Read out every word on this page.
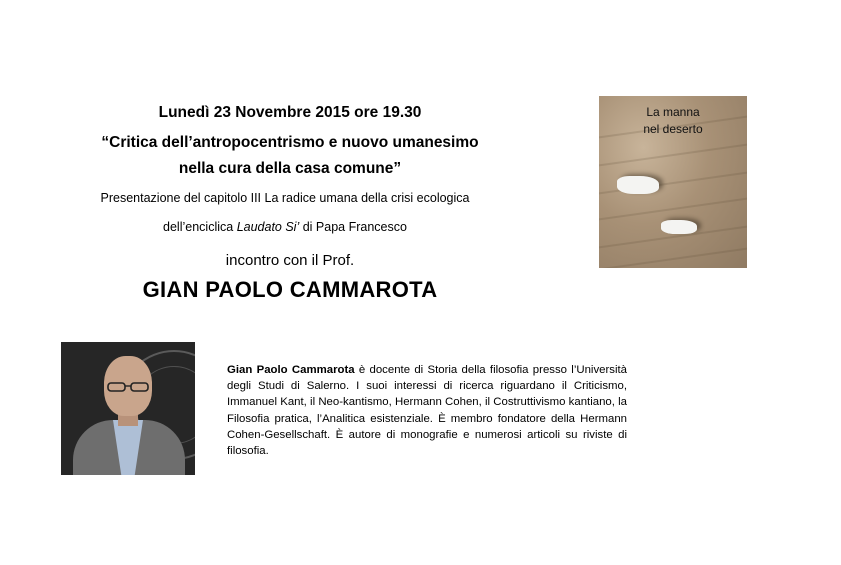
Lunedì 23 Novembre 2015 ore 19.30
“Critica dell’antropocentrismo e nuovo umanesimo
nella cura della casa comune”
Presentazione del capitolo III La radice umana della crisi ecologica
dell’enciclica Laudato Si’ di Papa Francesco
incontro con il Prof.
GIAN PAOLO CAMMAROTA
La manna
nel deserto
Gian Paolo Cammarota è docente di Storia della filosofia presso l’Università degli Studi di Salerno. I suoi interessi di ricerca riguardano il Criticismo, Immanuel Kant, il Neo-kantismo, Hermann Cohen, il Costruttivismo kantiano, la Filosofia pratica, l’Analitica esistenziale. È membro fondatore della Hermann Cohen-Gesellschaft. È autore di monografie e numerosi articoli su riviste di filosofia.
